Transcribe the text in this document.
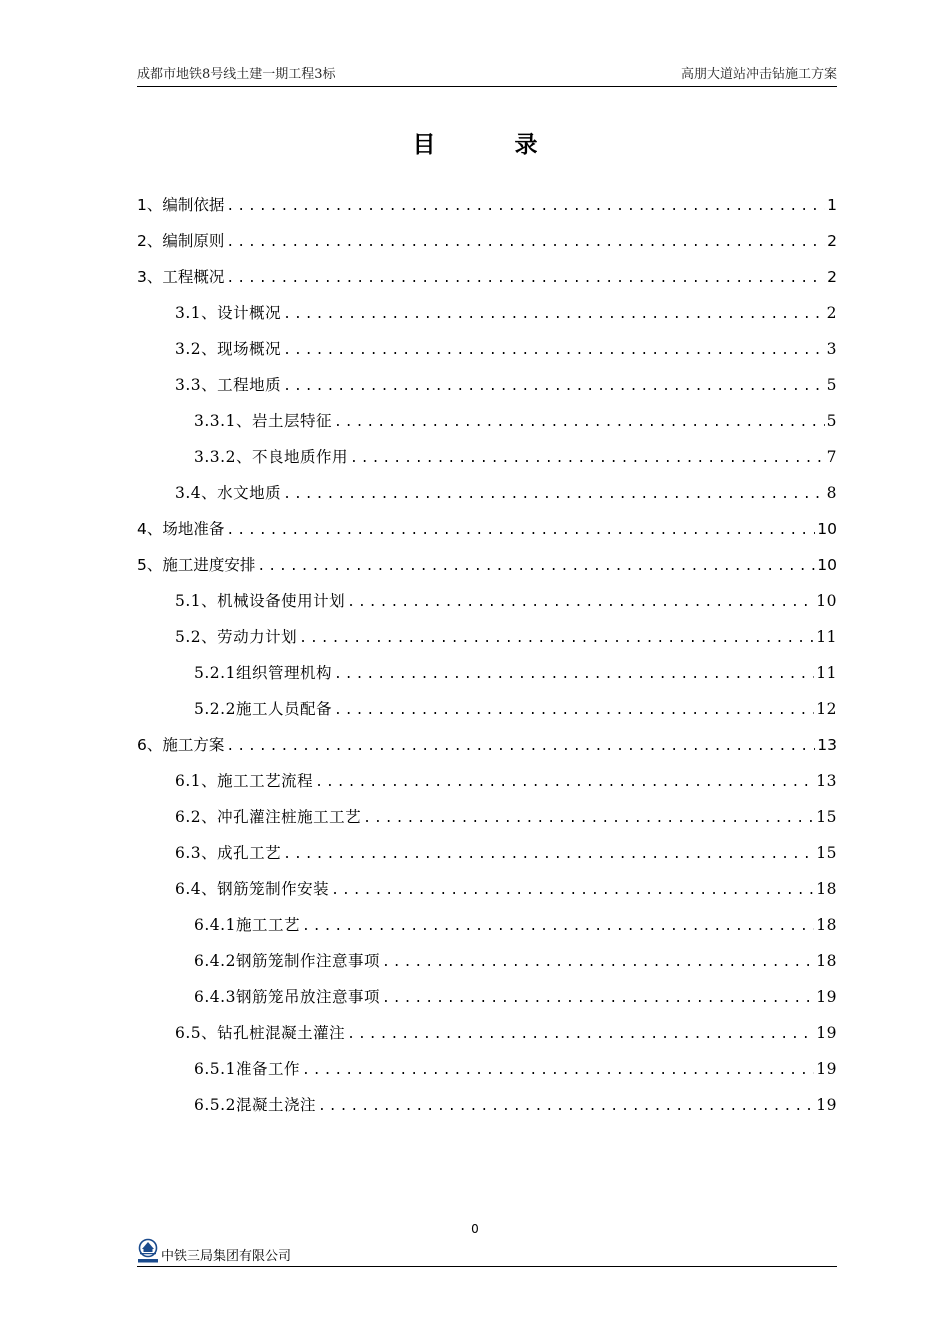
成都市地铁8号线土建一期工程3标	高朋大道站冲击钻施工方案
目　录
1、编制依据 .....	1
2、编制原则 .....	2
3、工程概况 .....	2
3.1、设计概况 .....	2
3.2、现场概况 .....	3
3.3、工程地质 .....	5
3.3.1、岩土层特征 .....	5
3.3.2、不良地质作用 .....	7
3.4、水文地质 .....	8
4、场地准备 .....	10
5、施工进度安排 .....	10
5.1、机械设备使用计划 .....	10
5.2、劳动力计划 .....	11
5.2.1组织管理机构 .....	11
5.2.2施工人员配备 .....	12
6、施工方案 .....	13
6.1、施工工艺流程 .....	13
6.2、冲孔灌注桩施工工艺 .....	15
6.3、成孔工艺 .....	15
6.4、钢筋笼制作安装 .....	18
6.4.1施工工艺 .....	18
6.4.2钢筋笼制作注意事项 .....	18
6.4.3钢筋笼吊放注意事项 .....	19
6.5、钻孔桩混凝土灌注 .....	19
6.5.1准备工作 .....	19
6.5.2混凝土浇注 .....	19
0
中铁三局集团有限公司
